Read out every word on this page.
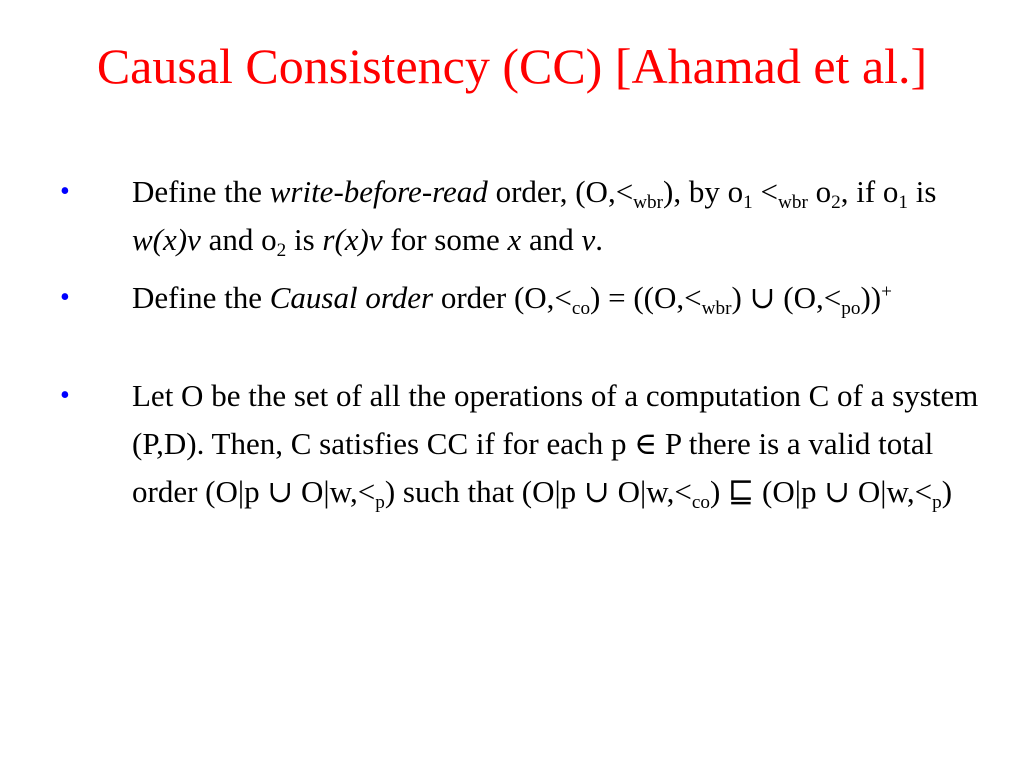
Causal Consistency (CC) [Ahamad et al.]
• Define the write-before-read order, $(O,<_{wbr})$, by $o_1 <_{wbr}$ $o_2$, if $o_1$ is w(x)v and $o_2$ is r(x)v for some x and v.
• Define the Causal order order $(O,<_{co}) = ((O,<_{wbr})$ ∪ $(O,<_{po}))^+$
• Let O be the set of all the operations of a computation C of a system (P,D). Then, C satisfies CC if for each p ∈ P there is a valid total order (O|p ∪ $O|w,<_p$) such that (O|p ∪ $O|w,<_{co}$) ⊑ (O|p ∪ $O|w,<_p$)
